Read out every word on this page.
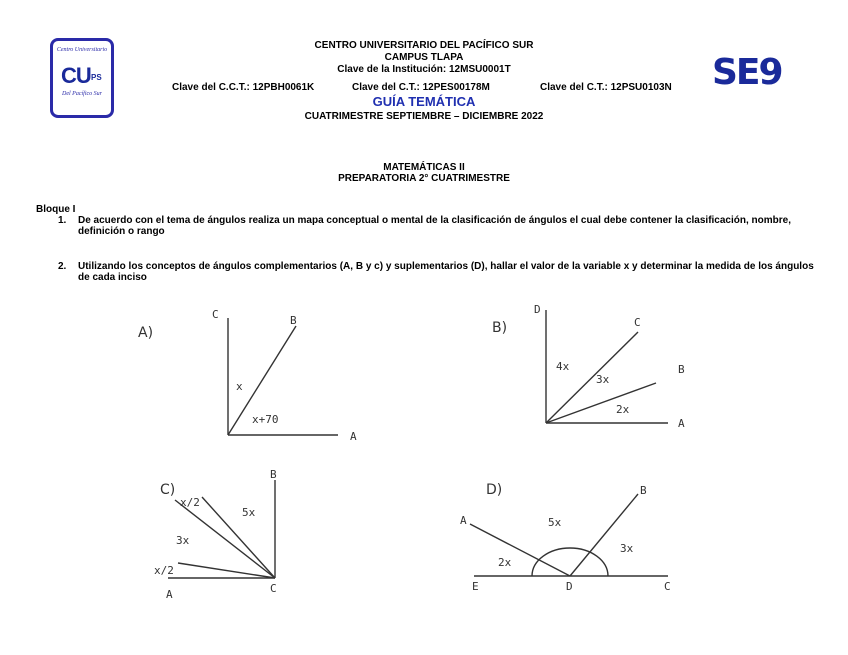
Centro Universitario
CU PS
Del Pacífico Sur
SE9
CENTRO UNIVERSITARIO DEL PACÍFICO SUR
CAMPUS TLAPA
Clave de la Institución: 12MSU0001T
Clave del C.C.T.: 12PBH0061K	Clave del C.T.: 12PES00178M	Clave del C.T.: 12PSU0103N
GUÍA TEMÁTICA
CUATRIMESTRE SEPTIEMBRE – DICIEMBRE 2022
MATEMÁTICAS II
PREPARATORIA 2° CUATRIMESTRE
Bloque I
1. De acuerdo con el tema de ángulos realiza un mapa conceptual o mental de la clasificación de ángulos el cual debe contener la clasificación, nombre, definición o rango
2. Utilizando los conceptos de ángulos complementarios (A, B y c) y suplementarios (D), hallar el valor de la variable x y determinar la medida de los ángulos de cada inciso
A)
C	B
x
x+70
A
B)
D
C
4x
3x
B
2x
A
C)
B
x/2
5x
3x
x/2
C
A
D)	B
A	5x
2x
3x
E	D	C
